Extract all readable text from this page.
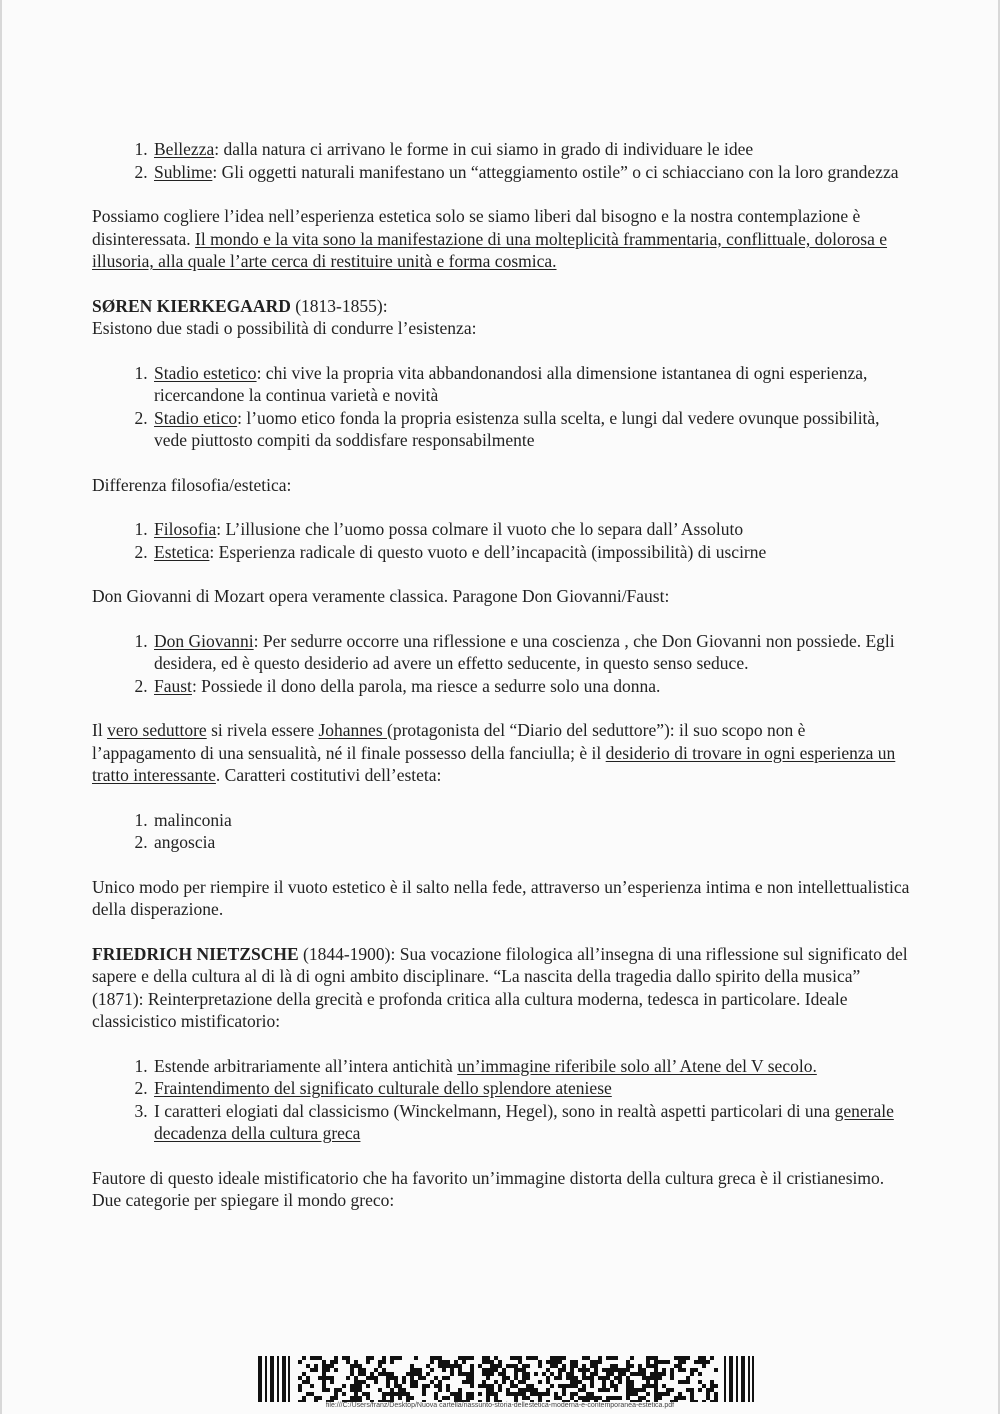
1. Bellezza: dalla natura ci arrivano le forme in cui siamo in grado di individuare le idee
2. Sublime: Gli oggetti naturali manifestano un “atteggiamento ostile” o ci schiacciano con la loro grandezza

Possiamo cogliere l’idea nell’esperienza estetica solo se siamo liberi dal bisogno e la nostra contemplazione è disinteressata. Il mondo e la vita sono la manifestazione di una molteplicità frammentaria, conflittuale, dolorosa e illusoria, alla quale l’arte cerca di restituire unità e forma cosmica.

SØREN KIERKEGAARD (1813-1855):

Esistono due stadi o possibilità di condurre l’esistenza:

1. Stadio estetico: chi vive la propria vita abbandonandosi alla dimensione istantanea di ogni esperienza, ricercandone la continua varietà e novità
2. Stadio etico: l’uomo etico fonda la propria esistenza sulla scelta, e lungi dal vedere ovunque possibilità, vede piuttosto compiti da soddisfare responsabilmente

Differenza filosofia/estetica:

1. Filosofia: L’illusione che l’uomo possa colmare il vuoto che lo separa dall’ Assoluto
2. Estetica: Esperienza radicale di questo vuoto e dell’incapacità (impossibilità) di uscirne

Don Giovanni di Mozart opera veramente classica. Paragone Don Giovanni/Faust:

1. Don Giovanni: Per sedurre occorre una riflessione e una coscienza , che Don Giovanni non possiede. Egli desidera, ed è questo desiderio ad avere un effetto seducente, in questo senso seduce.
2. Faust: Possiede il dono della parola, ma riesce a sedurre solo una donna.

Il vero seduttore si rivela essere Johannes (protagonista del “Diario del seduttore”): il suo scopo non è l’appagamento di una sensualità, né il finale possesso della fanciulla; è il desiderio di trovare in ogni esperienza un tratto interessante. Caratteri costitutivi dell’esteta:

1. malinconia
2. angoscia

Unico modo per riempire il vuoto estetico è il salto nella fede, attraverso un’esperienza intima e non intellettualistica della disperazione.

FRIEDRICH NIETZSCHE (1844-1900): Sua vocazione filologica all’insegna di una riflessione sul significato del sapere e della cultura al di là di ogni ambito disciplinare. “La nascita della tragedia dallo spirito della musica” (1871): Reinterpretazione della grecità e profonda critica alla cultura moderna, tedesca in particolare. Ideale classicistico mistificatorio:

1. Estende arbitrariamente all’intera antichità un’immagine riferibile solo all’ Atene del V secolo.
2. Fraintendimento del significato culturale dello splendore ateniese
3. I caratteri elogiati dal classicismo (Winckelmann, Hegel), sono in realtà aspetti particolari di una generale decadenza della cultura greca

Fautore di questo ideale mistificatorio che ha favorito un’immagine distorta della cultura greca è il cristianesimo. Due categorie per spiegare il mondo greco:

file:///C:/Users/franz/Desktop/Nuova cartella/riassunto-storia-dellestetica-moderna-e-contemporanea-estetica.pdf
